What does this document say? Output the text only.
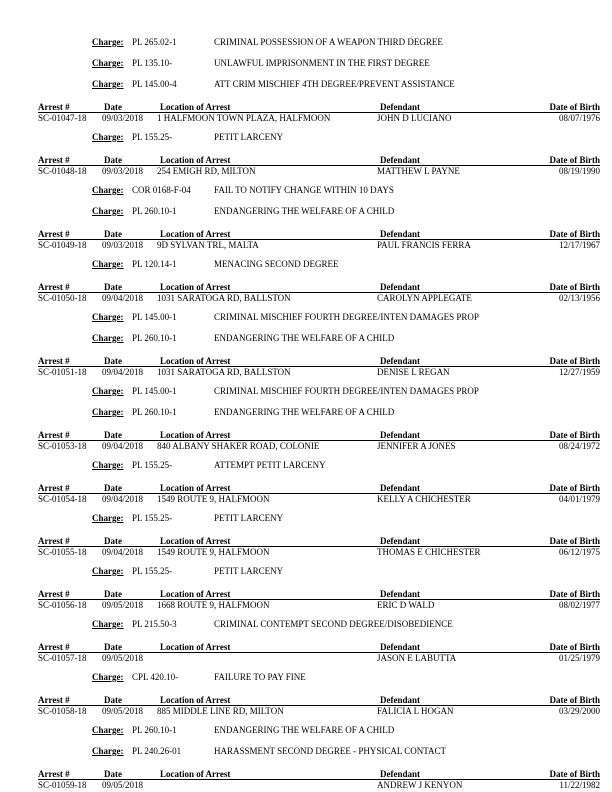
Charge: PL 265.02-1	CRIMINAL POSSESSION OF A WEAPON THIRD DEGREE
Charge: PL 135.10-	UNLAWFUL IMPRISONMENT IN THE FIRST DEGREE
Charge: PL 145.00-4	ATT CRIM MISCHIEF 4TH DEGREE/PREVENT ASSISTANCE
Arrest #	Date	Location of Arrest	Defendant	Date of Birth
SC-01047-18 09/03/2018 1 HALFMOON TOWN PLAZA, HALFMOON	JOHN D LUCIANO	08/07/1976
Charge: PL 155.25-	PETIT LARCENY
Arrest #	Date	Location of Arrest	Defendant	Date of Birth
SC-01048-18 09/03/2018 254 EMIGH RD, MILTON	MATTHEW L PAYNE	08/19/1990
Charge: COR 0168-F-04	FAIL TO NOTIFY CHANGE WITHIN 10 DAYS
Charge: PL 260.10-1	ENDANGERING THE WELFARE OF A CHILD
Arrest #	Date	Location of Arrest	Defendant	Date of Birth
SC-01049-18 09/03/2018 9D SYLVAN TRL, MALTA	PAUL FRANCIS FERRA	12/17/1967
Charge: PL 120.14-1	MENACING SECOND DEGREE
Arrest #	Date	Location of Arrest	Defendant	Date of Birth
SC-01050-18 09/04/2018 1031 SARATOGA RD, BALLSTON	CAROLYN APPLEGATE	02/13/1956
Charge: PL 145.00-1	CRIMINAL MISCHIEF FOURTH DEGREE/INTEN DAMAGES PROP
Charge: PL 260.10-1	ENDANGERING THE WELFARE OF A CHILD
Arrest #	Date	Location of Arrest	Defendant	Date of Birth
SC-01051-18 09/04/2018 1031 SARATOGA RD, BALLSTON	DENISE L REGAN	12/27/1959
Charge: PL 145.00-1	CRIMINAL MISCHIEF FOURTH DEGREE/INTEN DAMAGES PROP
Charge: PL 260.10-1	ENDANGERING THE WELFARE OF A CHILD
Arrest #	Date	Location of Arrest	Defendant	Date of Birth
SC-01053-18 09/04/2018 840 ALBANY SHAKER ROAD, COLONIE	JENNIFER A JONES	08/24/1972
Charge: PL 155.25-	ATTEMPT PETIT LARCENY
Arrest #	Date	Location of Arrest	Defendant	Date of Birth
SC-01054-18 09/04/2018 1549 ROUTE 9, HALFMOON	KELLY A CHICHESTER	04/01/1979
Charge: PL 155.25-	PETIT LARCENY
Arrest #	Date	Location of Arrest	Defendant	Date of Birth
SC-01055-18 09/04/2018 1549 ROUTE 9, HALFMOON	THOMAS E CHICHESTER	06/12/1975
Charge: PL 155.25-	PETIT LARCENY
Arrest #	Date	Location of Arrest	Defendant	Date of Birth
SC-01056-18 09/05/2018 1668 ROUTE 9, HALFMOON	ERIC D WALD	08/02/1977
Charge: PL 215.50-3	CRIMINAL CONTEMPT SECOND DEGREE/DISOBEDIENCE
Arrest #	Date	Location of Arrest	Defendant	Date of Birth
SC-01057-18 09/05/2018	JASON E LABUTTA	01/25/1979
Charge: CPL 420.10-	FAILURE TO PAY FINE
Arrest #	Date	Location of Arrest	Defendant	Date of Birth
SC-01058-18 09/05/2018 885 MIDDLE LINE RD, MILTON	FALICIA L HOGAN	03/29/2000
Charge: PL 260.10-1	ENDANGERING THE WELFARE OF A CHILD
Charge: PL 240.26-01	HARASSMENT SECOND DEGREE - PHYSICAL CONTACT
Arrest #	Date	Location of Arrest	Defendant	Date of Birth
SC-01059-18 09/05/2018	ANDREW J KENYON	11/22/1982
